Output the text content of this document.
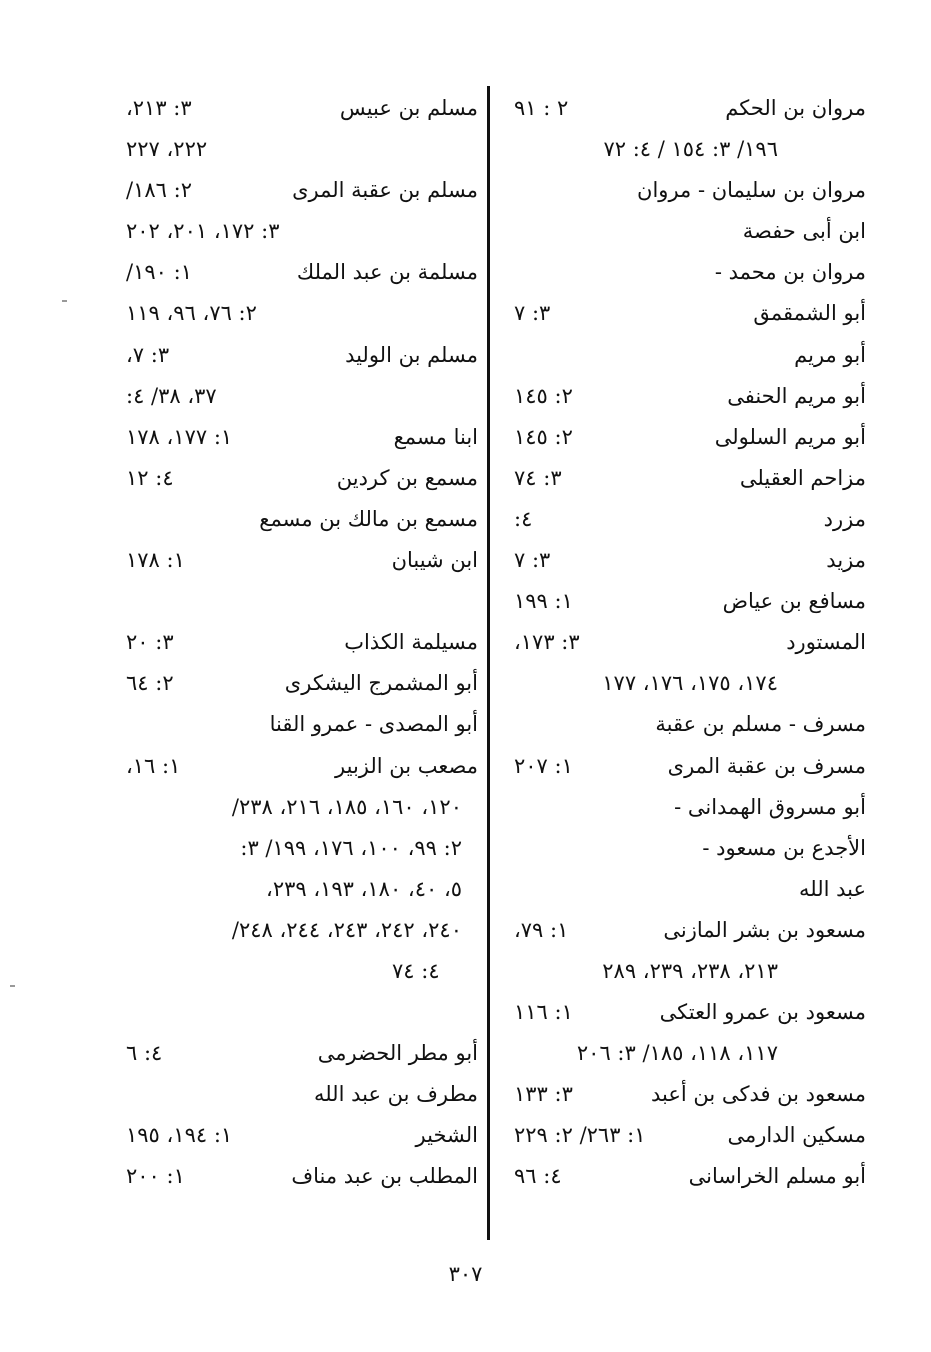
مروان بن الحكم
٢ : ٩١
١٩٦/ ٣: ١٥٤ / ٤: ٧٢
مروان بن سليمان - مروان
ابن أبى حفصة
مروان بن محمد -
أبو الشمقمق
٣: ٧
أبو مريم
أبو مريم الحنفى
٢: ١٤٥
أبو مريم السلولى
٢: ١٤٥
مزاحم العقيلى
٣: ٧٤
مزرد
٤:
مزيد
٣: ٧
مسافع بن عياض
١: ١٩٩
المستورد
٣: ١٧٣،
١٧٤، ١٧٥، ١٧٦، ١٧٧
مسرف - مسلم بن عقبة
مسرف بن عقبة المرى
١: ٢٠٧
أبو مسروق الهمدانى -
الأجدع بن مسعود -
عبد الله
مسعود بن بشر المازنى
١: ٧٩،
٢١٣، ٢٣٨، ٢٣٩، ٢٨٩
مسعود بن عمرو العتكى
١: ١١٦
١١٧، ١١٨، ١٨٥/ ٣: ٢٠٦
مسعود بن فدكى بن أعبد
٣: ١٣٣
مسكين الدارمى
١: ٢٦٣/ ٢: ٢٢٩
أبو مسلم الخراسانى
٤: ٩٦
مسلم بن عبيس
٣: ٢١٣،
٢٢٢، ٢٢٧
مسلم بن عقبة المرى
٢: ١٨٦/
٣: ١٧٢، ٢٠١، ٢٠٢
مسلمة بن عبد الملك
١: ١٩٠/
٢: ٧٦، ٩٦، ١١٩
مسلم بن الوليد
٣: ٧،
٣٧، ٣٨/ ٤:
ابنا مسمع
١: ١٧٧، ١٧٨
مسمع بن كردين
٤: ١٢
مسمع بن مالك بن مسمع
ابن شيبان
١: ١٧٨
مسيلمة الكذاب
٣: ٢٠
أبو المشمرج اليشكرى
٢: ٦٤
أبو المصدى - عمرو القنا
مصعب بن الزبير
١: ١٦،
١٢٠، ١٦٠، ١٨٥، ٢١٦، ٢٣٨/
٢: ٩٩، ١٠٠، ١٧٦، ١٩٩/ ٣:
٥، ٤٠، ١٨٠، ١٩٣، ٢٣٩،
٢٤٠، ٢٤٢، ٢٤٣، ٢٤٤، ٢٤٨/
٤: ٧٤
أبو مطر الحضرمى
٤: ٦
مطرف بن عبد الله
الشخير
١: ١٩٤، ١٩٥
المطلب بن عبد مناف
١: ٢٠٠
٣٠٧
